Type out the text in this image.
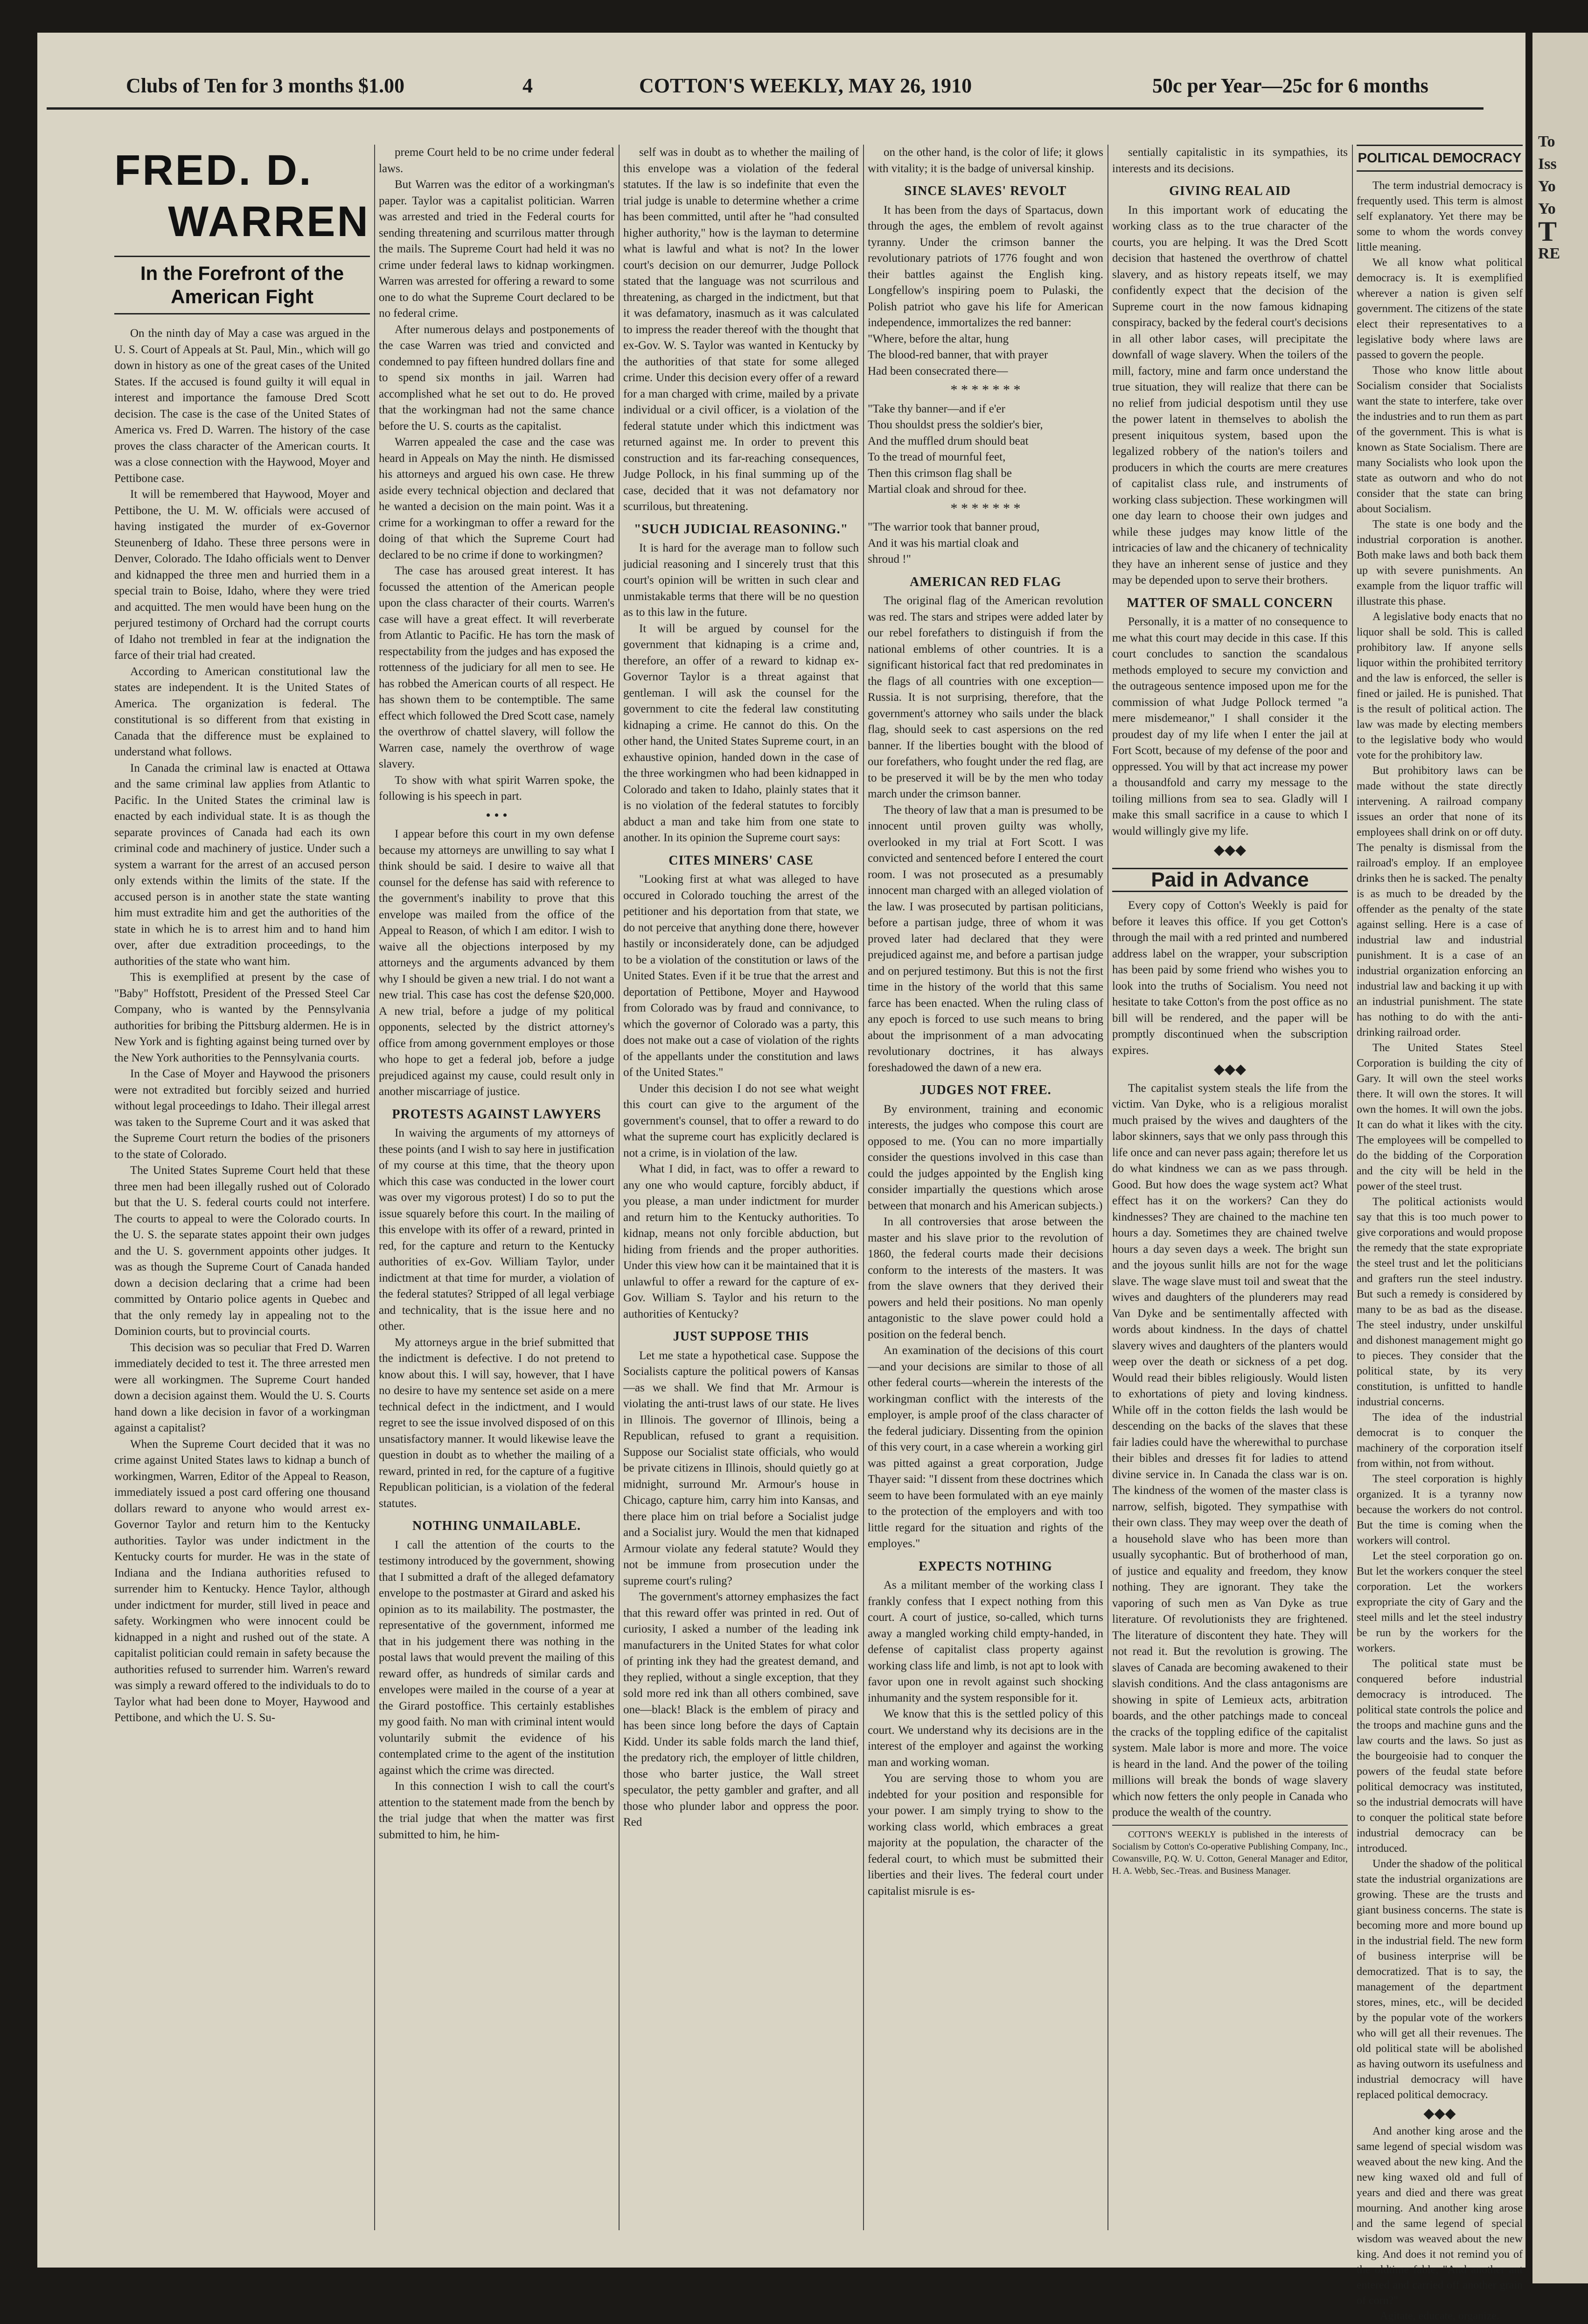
Clubs of Ten for 3 months $1.00	4	COTTON'S WEEKLY, MAY 26, 1910	50c per Year—25c for 6 months
FRED. D.
WARREN
In the Forefront of the American Fight

On the ninth day of May a case was argued in the U. S. Court of Appeals at St. Paul, Min., which will go down in history as one of the great cases of the United States. If the accused is found guilty it will equal in interest and importance the famouse Dred Scott decision. The case is the case of the United States of America vs. Fred D. Warren. The history of the case proves the class character of the American courts. It was a close connection with the Haywood, Moyer and Pettibone case.

It will be remembered that Haywood, Moyer and Pettibone, the U. M. W. officials were accused of having instigated the murder of ex-Governor Steunenberg of Idaho. These three persons were in Denver, Colorado. The Idaho officials went to Denver and kidnapped the three men and hurried them in a special train to Boise, Idaho, where they were tried and acquitted. The men would have been hung on the perjured testimony of Orchard had the corrupt courts of Idaho not trembled in fear at the indignation the farce of their trial had created.

According to American constitutional law the states are independent. It is the United States of America. The organization is federal. The constitutional is so different from that existing in Canada that the difference must be explained to understand what follows.

In Canada the criminal law is enacted at Ottawa and the same criminal law applies from Atlantic to Pacific. In the United States the criminal law is enacted by each individual state. It is as though the separate provinces of Canada had each its own criminal code and machinery of justice. Under such a system a warrant for the arrest of an accused person only extends within the limits of the state. If the accused person is in another state the state wanting him must extradite him and get the authorities of the state in which he is to arrest him and to hand him over, after due extradition proceedings, to the authorities of the state who want him.

This is exemplified at present by the case of "Baby" Hoffstott, President of the Pressed Steel Car Company, who is wanted by the Pennsylvania authorities for bribing the Pittsburg aldermen. He is in New York and is fighting against being turned over by the New York authorities to the Pennsylvania courts.

In the Case of Moyer and Haywood the prisoners were not extradited but forcibly seized and hurried without legal proceedings to Idaho. Their illegal arrest was taken to the Supreme Court and it was asked that the Supreme Court return the bodies of the prisoners to the state of Colorado.

The United States Supreme Court held that these three men had been illegally rushed out of Colorado but that the U. S. federal courts could not interfere. The courts to appeal to were the Colorado courts. In the U. S. the separate states appoint their own judges and the U. S. government appoints other judges. It was as though the Supreme Court of Canada handed down a decision declaring that a crime had been committed by Ontario police agents in Quebec and that the only remedy lay in appealing not to the Dominion courts, but to provincial courts.

This decision was so peculiar that Fred D. Warren immediately decided to test it. The three arrested men were all workingmen. The Supreme Court handed down a decision against them. Would the U. S. Courts hand down a like decision in favor of a workingman against a capitalist?

When the Supreme Court decided that it was no crime against United States laws to kidnap a bunch of workingmen, Warren, Editor of the Appeal to Reason, immediately issued a post card offering one thousand dollars reward to anyone who would arrest ex-Governor Taylor and return him to the Kentucky authorities. Taylor was under indictment in the Kentucky courts for murder. He was in the state of Indiana and the Indiana authorities refused to surrender him to Kentucky. Hence Taylor, although under indictment for murder, still lived in peace and safety. Workingmen who were innocent could be kidnapped in a night and rushed out of the state. A capitalist politician could remain in safety because the authorities refused to surrender him. Warren's reward was simply a reward offered to the individuals to do to Taylor what had been done to Moyer, Haywood and Pettibone, and which the U. S. Su-

preme Court held to be no crime under federal laws.

But Warren was the editor of a workingman's paper. Taylor was a capitalist politician. Warren was arrested and tried in the Federal courts for sending threatening and scurrilous matter through the mails. The Supreme Court had held it was no crime under federal laws to kidnap workingmen. Warren was arrested for offering a reward to some one to do what the Supreme Court declared to be no federal crime.

After numerous delays and postponements of the case Warren was tried and convicted and condemned to pay fifteen hundred dollars fine and to spend six months in jail. Warren had accomplished what he set out to do. He proved that the workingman had not the same chance before the U. S. courts as the capitalist.

Warren appealed the case and the case was heard in Appeals on May the ninth. He dismissed his attorneys and argued his own case. He threw aside every technical objection and declared that he wanted a decision on the main point. Was it a crime for a workingman to offer a reward for the doing of that which the Supreme Court had declared to be no crime if done to workingmen?

The case has aroused great interest. It has focussed the attention of the American people upon the class character of their courts. Warren's case will have a great effect. It will reverberate from Atlantic to Pacific. He has torn the mask of respectability from the judges and has exposed the rottenness of the judiciary for all men to see. He has robbed the American courts of all respect. He has shown them to be contemptible. The same effect which followed the Dred Scott case, namely the overthrow of chattel slavery, will follow the Warren case, namely the overthrow of wage slavery.

To show with what spirit Warren spoke, the following is his speech in part.

• • •

I appear before this court in my own defense because my attorneys are unwilling to say what I think should be said. I desire to waive all that counsel for the defense has said with reference to the government's inability to prove that this envelope was mailed from the office of the Appeal to Reason, of which I am editor. I wish to waive all the objections interposed by my attorneys and the arguments advanced by them why I should be given a new trial. I do not want a new trial. This case has cost the defense $20,000. A new trial, before a judge of my political opponents, selected by the district attorney's office from among government employes or those who hope to get a federal job, before a judge prejudiced against my cause, could result only in another miscarriage of justice.

PROTESTS AGAINST LAWYERS

In waiving the arguments of my attorneys of these points (and I wish to say here in justification of my course at this time, that the theory upon which this case was conducted in the lower court was over my vigorous protest) I do so to put the issue squarely before this court. In the mailing of this envelope with its offer of a reward, printed in red, for the capture and return to the Kentucky authorities of ex-Gov. William Taylor, under indictment at that time for murder, a violation of the federal statutes? Stripped of all legal verbiage and technicality, that is the issue here and no other.

My attorneys argue in the brief submitted that the indictment is defective. I do not pretend to know about this. I will say, however, that I have no desire to have my sentence set aside on a mere technical defect in the indictment, and I would regret to see the issue involved disposed of on this unsatisfactory manner. It would likewise leave the question in doubt as to whether the mailing of a reward, printed in red, for the capture of a fugitive Republican politician, is a violation of the federal statutes.

NOTHING UNMAILABLE.

I call the attention of the courts to the testimony introduced by the government, showing that I submitted a draft of the alleged defamatory envelope to the postmaster at Girard and asked his opinion as to its mailability. The postmaster, the representative of the government, informed me that in his judgement there was nothing in the postal laws that would prevent the mailing of this reward offer, as hundreds of similar cards and envelopes were mailed in the course of a year at the Girard postoffice. This certainly establishes my good faith. No man with criminal intent would voluntarily submit the evidence of his contemplated crime to the agent of the institution against which the crime was directed.

In this connection I wish to call the court's attention to the statement made from the bench by the trial judge that when the matter was first submitted to him, he him-

self was in doubt as to whether the mailing of this envelope was a violation of the federal statutes. If the law is so indefinite that even the trial judge is unable to determine whether a crime has been committed, until after he "had consulted higher authority," how is the layman to determine what is lawful and what is not? In the lower court's decision on our demurrer, Judge Pollock stated that the language was not scurrilous and threatening, as charged in the indictment, but that it was defamatory, inasmuch as it was calculated to impress the reader thereof with the thought that ex-Gov. W. S. Taylor was wanted in Kentucky by the authorities of that state for some alleged crime. Under this decision every offer of a reward for a man charged with crime, mailed by a private individual or a civil officer, is a violation of the federal statute under which this indictment was returned against me. In order to prevent this construction and its far-reaching consequences, Judge Pollock, in his final summing up of the case, decided that it was not defamatory nor scurrilous, but threatening.

"SUCH JUDICIAL REASONING."

It is hard for the average man to follow such judicial reasoning and I sincerely trust that this court's opinion will be written in such clear and unmistakable terms that there will be no question as to this law in the future.

It will be argued by counsel for the government that kidnaping is a crime and, therefore, an offer of a reward to kidnap ex-Governor Taylor is a threat against that gentleman. I will ask the counsel for the government to cite the federal law constituting kidnaping a crime. He cannot do this. On the other hand, the United States Supreme court, in an exhaustive opinion, handed down in the case of the three workingmen who had been kidnapped in Colorado and taken to Idaho, plainly states that it is no violation of the federal statutes to forcibly abduct a man and take him from one state to another. In its opinion the Supreme court says:

CITES MINERS' CASE

"Looking first at what was alleged to have occured in Colorado touching the arrest of the petitioner and his deportation from that state, we do not perceive that anything done there, however hastily or inconsiderately done, can be adjudged to be a violation of the constitution or laws of the United States. Even if it be true that the arrest and deportation of Pettibone, Moyer and Haywood from Colorado was by fraud and connivance, to which the governor of Colorado was a party, this does not make out a case of violation of the rights of the appellants under the constitution and laws of the United States."

Under this decision I do not see what weight this court can give to the argument of the government's counsel, that to offer a reward to do what the supreme court has explicitly declared is not a crime, is in violation of the law.

What I did, in fact, was to offer a reward to any one who would capture, forcibly abduct, if you please, a man under indictment for murder and return him to the Kentucky authorities. To kidnap, means not only forcible abduction, but hiding from friends and the proper authorities. Under this view how can it be maintained that it is unlawful to offer a reward for the capture of ex-Gov. William S. Taylor and his return to the authorities of Kentucky?

JUST SUPPOSE THIS

Let me state a hypothetical case. Suppose the Socialists capture the political powers of Kansas—as we shall. We find that Mr. Armour is violating the anti-trust laws of our state. He lives in Illinois. The governor of Illinois, being a Republican, refused to grant a requisition. Suppose our Socialist state officials, who would be private citizens in Illinois, should quietly go at midnight, surround Mr. Armour's house in Chicago, capture him, carry him into Kansas, and there place him on trial before a Socialist judge and a Socialist jury. Would the men that kidnaped Armour violate any federal statute? Would they not be immune from prosecution under the supreme court's ruling?

The government's attorney emphasizes the fact that this reward offer was printed in red. Out of curiosity, I asked a number of the leading ink manufacturers in the United States for what color of printing ink they had the greatest demand, and they replied, without a single exception, that they sold more red ink than all others combined, save one—black! Black is the emblem of piracy and has been since long before the days of Captain Kidd. Under its sable folds march the land thief, the predatory rich, the employer of little children, those who barter justice, the Wall street speculator, the petty gambler and grafter, and all those who plunder labor and oppress the poor. Red

on the other hand, is the color of life; it glows with vitality; it is the badge of universal kinship.

SINCE SLAVES' REVOLT

It has been from the days of Spartacus, down through the ages, the emblem of revolt against tyranny. Under the crimson banner the revolutionary patriots of 1776 fought and won their battles against the English king. Longfellow's inspiring poem to Pulaski, the Polish patriot who gave his life for American independence, immortalizes the red banner:

"Where, before the altar, hung

The blood-red banner, that with prayer

Had been consecrated there—

* * * * * * *

"Take thy banner—and if e'er

Thou shouldst press the soldier's bier,

And the muffled drum should beat

To the tread of mournful feet,

Then this crimson flag shall be

Martial cloak and shroud for thee.

* * * * * * *

"The warrior took that banner proud,

And it was his martial cloak and

shroud !"

AMERICAN RED FLAG

The original flag of the American revolution was red. The stars and stripes were added later by our rebel forefathers to distinguish if from the national emblems of other countries. It is a significant historical fact that red predominates in the flags of all countries with one exception—Russia. It is not surprising, therefore, that the government's attorney who sails under the black flag, should seek to cast aspersions on the red banner. If the liberties bought with the blood of our forefathers, who fought under the red flag, are to be preserved it will be by the men who today march under the crimson banner.

The theory of law that a man is presumed to be innocent until proven guilty was wholly, overlooked in my trial at Fort Scott. I was convicted and sentenced before I entered the court room. I was not prosecuted as a presumably innocent man charged with an alleged violation of the law. I was prosecuted by partisan politicians, before a partisan judge, three of whom it was proved later had declared that they were prejudiced against me, and before a partisan judge and on perjured testimony. But this is not the first time in the history of the world that this same farce has been enacted. When the ruling class of any epoch is forced to use such means to bring about the imprisonment of a man advocating revolutionary doctrines, it has always foreshadowed the dawn of a new era.

JUDGES NOT FREE.

By environment, training and economic interests, the judges who compose this court are opposed to me. (You can no more impartially consider the questions involved in this case than could the judges appointed by the English king consider impartially the questions which arose between that monarch and his American subjects.)

In all controversies that arose between the master and his slave prior to the revolution of 1860, the federal courts made their decisions conform to the interests of the masters. It was from the slave owners that they derived their powers and held their positions. No man openly antagonistic to the slave power could hold a position on the federal bench.

An examination of the decisions of this court—and your decisions are similar to those of all other federal courts—wherein the interests of the workingman conflict with the interests of the employer, is ample proof of the class character of the federal judiciary. Dissenting from the opinion of this very court, in a case wherein a working girl was pitted against a great corporation, Judge Thayer said: "I dissent from these doctrines which seem to have been formulated with an eye mainly to the protection of the employers and with too little regard for the situation and rights of the employes."

EXPECTS NOTHING

As a militant member of the working class I frankly confess that I expect nothing from this court. A court of justice, so-called, which turns away a mangled working child empty-handed, in defense of capitalist class property against working class life and limb, is not apt to look with favor upon one in revolt against such shocking inhumanity and the system responsible for it.

We know that this is the settled policy of this court. We understand why its decisions are in the interest of the employer and against the working man and working woman.

You are serving those to whom you are indebted for your position and responsible for your power. I am simply trying to show to the working class world, which embraces a great majority at the population, the character of the federal court, to which must be submitted their liberties and their lives. The federal court under capitalist misrule is es-

sentially capitalistic in its sympathies, its interests and its decisions.

GIVING REAL AID

In this important work of educating the working class as to the true character of the courts, you are helping. It was the Dred Scott decision that hastened the overthrow of chattel slavery, and as history repeats itself, we may confidently expect that the decision of the Supreme court in the now famous kidnaping conspiracy, backed by the federal court's decisions in all other labor cases, will precipitate the downfall of wage slavery. When the toilers of the mill, factory, mine and farm once understand the true situation, they will realize that there can be no relief from judicial despotism until they use the power latent in themselves to abolish the present iniquitous system, based upon the legalized robbery of the nation's toilers and producers in which the courts are mere creatures of capitalist class rule, and instruments of working class subjection. These workingmen will one day learn to choose their own judges and while these judges may know little of the intricacies of law and the chicanery of technicality they have an inherent sense of justice and they may be depended upon to serve their brothers.

MATTER OF SMALL CONCERN

Personally, it is a matter of no consequence to me what this court may decide in this case. If this court concludes to sanction the scandalous methods employed to secure my conviction and the outrageous sentence imposed upon me for the commission of what Judge Pollock termed "a mere misdemeanor," I shall consider it the proudest day of my life when I enter the jail at Fort Scott, because of my defense of the poor and oppressed. You will by that act increase my power a thousandfold and carry my message to the toiling millions from sea to sea. Gladly will I make this small sacrifice in a cause to which I would willingly give my life.

◆◆◆
Paid in Advance

Every copy of Cotton's Weekly is paid for before it leaves this office. If you get Cotton's through the mail with a red printed and numbered address label on the wrapper, your subscription has been paid by some friend who wishes you to look into the truths of Socialism. You need not hesitate to take Cotton's from the post office as no bill will be rendered, and the paper will be promptly discontinued when the subscription expires.

◆◆◆

The capitalist system steals the life from the victim. Van Dyke, who is a religious moralist much praised by the wives and daughters of the labor skinners, says that we only pass through this life once and can never pass again; therefore let us do what kindness we can as we pass through. Good. But how does the wage system act? What effect has it on the workers? Can they do kindnesses? They are chained to the machine ten hours a day. Sometimes they are chained twelve hours a day seven days a week. The bright sun and the joyous sunlit hills are not for the wage slave. The wage slave must toil and sweat that the wives and daughters of the plunderers may read Van Dyke and be sentimentally affected with words about kindness. In the days of chattel slavery wives and daughters of the planters would weep over the death or sickness of a pet dog. Would read their bibles religiously. Would listen to exhortations of piety and loving kindness. While off in the cotton fields the lash would be descending on the backs of the slaves that these fair ladies could have the wherewithal to purchase their bibles and dresses fit for ladies to attend divine service in. In Canada the class war is on. The kindness of the women of the master class is narrow, selfish, bigoted. They sympathise with their own class. They may weep over the death of a household slave who has been more than usually sycophantic. But of brotherhood of man, of justice and equality and freedom, they know nothing. They are ignorant. They take the vaporing of such men as Van Dyke as true literature. Of revolutionists they are frightened. The literature of discontent they hate. They will not read it. But the revolution is growing. The slaves of Canada are becoming awakened to their slavish conditions. And the class antagonisms are showing in spite of Lemieux acts, arbitration boards, and the other patchings made to conceal the cracks of the toppling edifice of the capitalist system. Male labor is more and more. The voice is heard in the land. And the power of the toiling millions will break the bonds of wage slavery which now fetters the only people in Canada who produce the wealth of the country.

COTTON'S WEEKLY is published in the interests of Socialism by Cotton's Co-operative Publishing Company, Inc., Cowansville, P.Q. W. U. Cotton, General Manager and Editor, H. A. Webb, Sec.-Treas. and Business Manager.

POLITICAL DEMOCRACY

The term industrial democracy is frequently used. This term is almost self explanatory. Yet there may be some to whom the words convey little meaning.

We all know what political democracy is. It is exemplified wherever a nation is given self government. The citizens of the state elect their representatives to a legislative body where laws are passed to govern the people.

Those who know little about Socialism consider that Socialists want the state to interfere, take over the industries and to run them as part of the government. This is what is known as State Socialism. There are many Socialists who look upon the state as outworn and who do not consider that the state can bring about Socialism.

The state is one body and the industrial corporation is another. Both make laws and both back them up with severe punishments. An example from the liquor traffic will illustrate this phase.

A legislative body enacts that no liquor shall be sold. This is called prohibitory law. If anyone sells liquor within the prohibited territory and the law is enforced, the seller is fined or jailed. He is punished. That is the result of political action. The law was made by electing members to the legislative body who would vote for the prohibitory law.

But prohibitory laws can be made without the state directly intervening. A railroad company issues an order that none of its employees shall drink on or off duty. The penalty is dismissal from the railroad's employ. If an employee drinks then he is sacked. The penalty is as much to be dreaded by the offender as the penalty of the state against selling. Here is a case of industrial law and industrial punishment. It is a case of an industrial organization enforcing an industrial law and backing it up with an industrial punishment. The state has nothing to do with the anti-drinking railroad order.

The United States Steel Corporation is building the city of Gary. It will own the steel works there. It will own the stores. It will own the homes. It will own the jobs. It can do what it likes with the city. The employees will be compelled to do the bidding of the Corporation and the city will be held in the power of the steel trust.

The political actionists would say that this is too much power to give corporations and would propose the remedy that the state expropriate the steel trust and let the politicians and grafters run the steel industry. But such a remedy is considered by many to be as bad as the disease. The steel industry, under unskilful and dishonest management might go to pieces. They consider that the political state, by its very constitution, is unfitted to handle industrial concerns.

The idea of the industrial democrat is to conquer the machinery of the corporation itself from within, not from without.

The steel corporation is highly organized. It is a tyranny now because the workers do not control. But the time is coming when the workers will control.

Let the steel corporation go on. But let the workers conquer the steel corporation. Let the workers expropriate the city of Gary and the steel mills and let the steel industry be run by the workers for the workers.

The political state must be conquered before industrial democracy is introduced. The political state controls the police and the troops and machine guns and the law courts and the laws. So just as the bourgeoisie had to conquer the powers of the feudal state before political democracy was instituted, so the industrial democrats will have to conquer the political state before industrial democracy can be introduced.

Under the shadow of the political state the industrial organizations are growing. These are the trusts and giant business concerns. The state is becoming more and more bound up in the industrial field. The new form of business interprise will be democratized. That is to say, the management of the department stores, mines, etc., will be decided by the popular vote of the workers who will get all their revenues. The old political state will be abolished as having outworn its usefulness and industrial democracy will have replaced political democracy.

◆◆◆

And another king arose and the same legend of special wisdom was weaved about the new king. And the new king waxed old and full of years and died and there was great mourning. And another king arose and the same legend of special wisdom was weaved about the new king. And does it not remind you of the oldtime fable, "And another ant entered and carried off another grain of corn?"

Agitate, educate, organize.

To
Iss
Yo
Yo
T
RE
